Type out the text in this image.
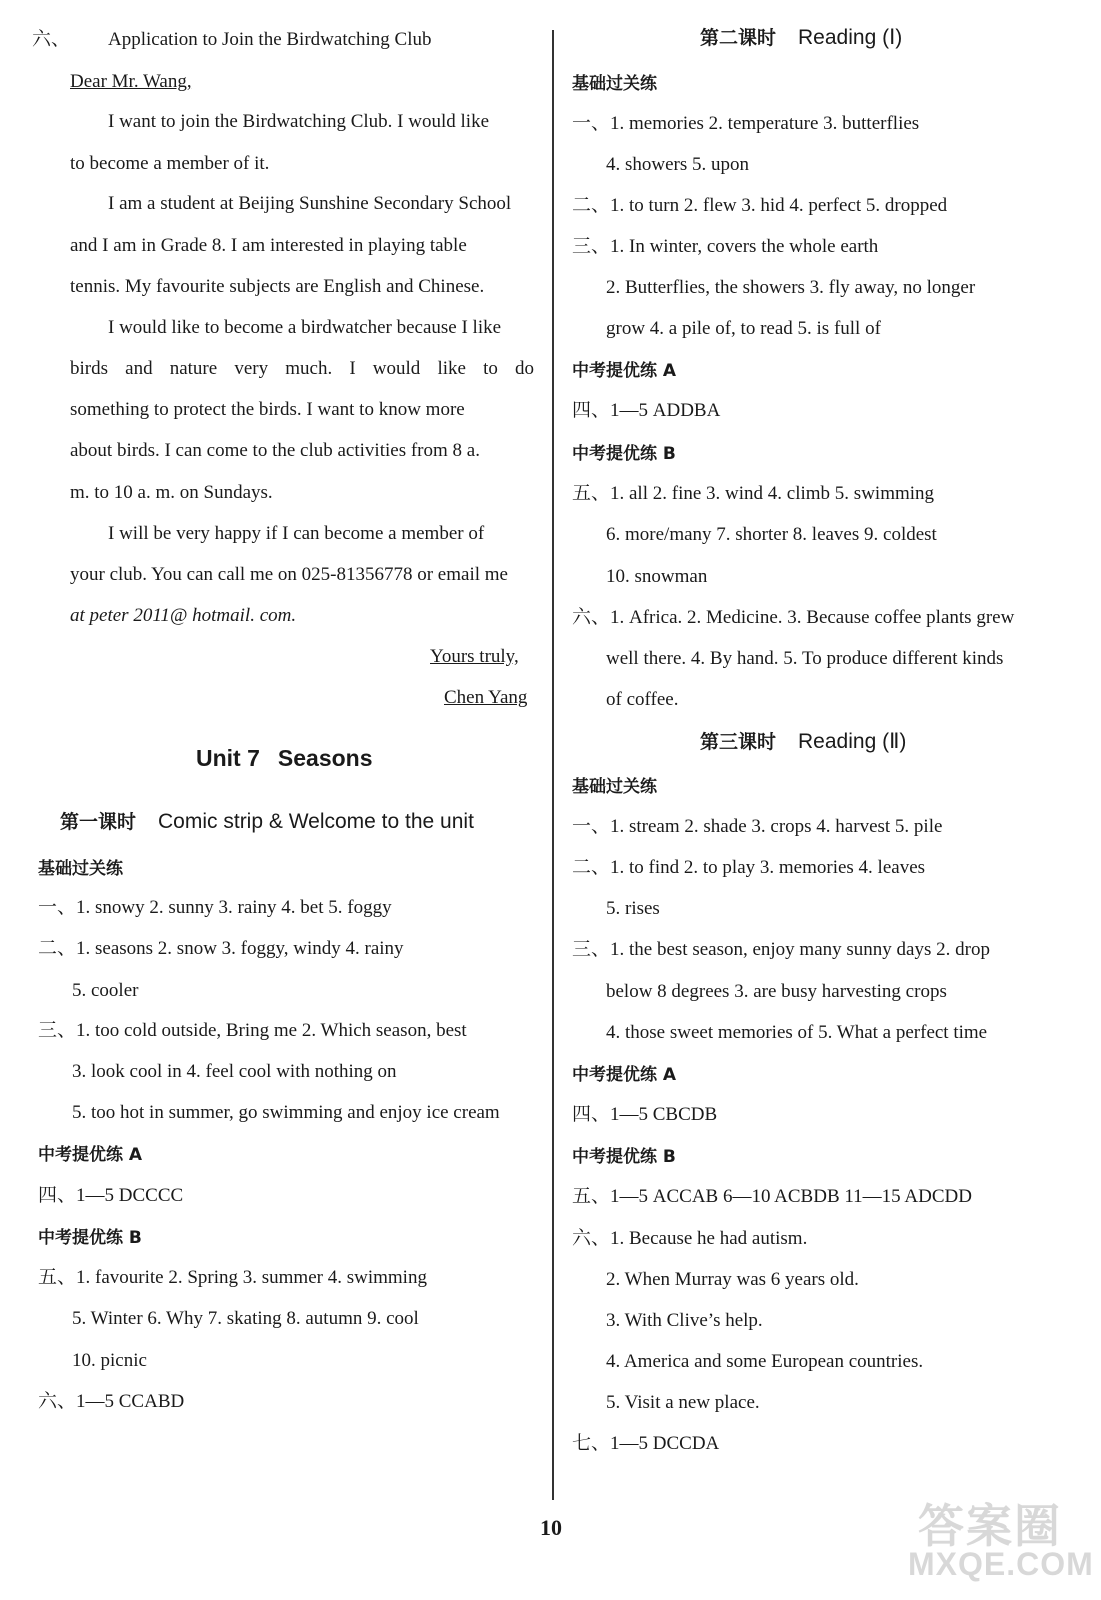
六、 Application to Join the Birdwatching Club
Dear Mr. Wang,
I want to join the Birdwatching Club. I would like
to become a member of it.
I am a student at Beijing Sunshine Secondary School
and I am in Grade 8. I am interested in playing table
tennis. My favourite subjects are English and Chinese.
I would like to become a birdwatcher because I like
birds and nature very much. I would like to do
something to protect the birds. I want to know more
about birds. I can come to the club activities from 8 a.
m. to 10 a. m. on Sundays.
I will be very happy if I can become a member of
your club. You can call me on 025-81356778 or email me
at peter 2011@ hotmail. com.
Yours truly,
Chen Yang
Unit 7 Seasons
第一课时 Comic strip & Welcome to the unit
基础过关练
一、1. snowy 2. sunny 3. rainy 4. bet 5. foggy
二、1. seasons 2. snow 3. foggy, windy 4. rainy
5. cooler
三、1. too cold outside, Bring me 2. Which season, best
3. look cool in 4. feel cool with nothing on
5. too hot in summer, go swimming and enjoy ice cream
中考提优练 A
四、1—5 DCCCC
中考提优练 B
五、1. favourite 2. Spring 3. summer 4. swimming
5. Winter 6. Why 7. skating 8. autumn 9. cool
10. picnic
六、1—5 CCABD
第二课时 Reading (Ⅰ)
基础过关练
一、1. memories 2. temperature 3. butterflies
4. showers 5. upon
二、1. to turn 2. flew 3. hid 4. perfect 5. dropped
三、1. In winter, covers the whole earth
2. Butterflies, the showers 3. fly away, no longer
grow 4. a pile of, to read 5. is full of
中考提优练 A
四、1—5 ADDBA
中考提优练 B
五、1. all 2. fine 3. wind 4. climb 5. swimming
6. more/many 7. shorter 8. leaves 9. coldest
10. snowman
六、1. Africa. 2. Medicine. 3. Because coffee plants grew
well there. 4. By hand. 5. To produce different kinds
of coffee.
第三课时 Reading (Ⅱ)
基础过关练
一、1. stream 2. shade 3. crops 4. harvest 5. pile
二、1. to find 2. to play 3. memories 4. leaves
5. rises
三、1. the best season, enjoy many sunny days 2. drop
below 8 degrees 3. are busy harvesting crops
4. those sweet memories of 5. What a perfect time
中考提优练 A
四、1—5 CBCDB
中考提优练 B
五、1—5 ACCAB 6—10 ACBDB 11—15 ADCDD
六、1. Because he had autism.
2. When Murray was 6 years old.
3. With Clive’s help.
4. America and some European countries.
5. Visit a new place.
七、1—5 DCCDA
10	答案圈
MXQE.COM
